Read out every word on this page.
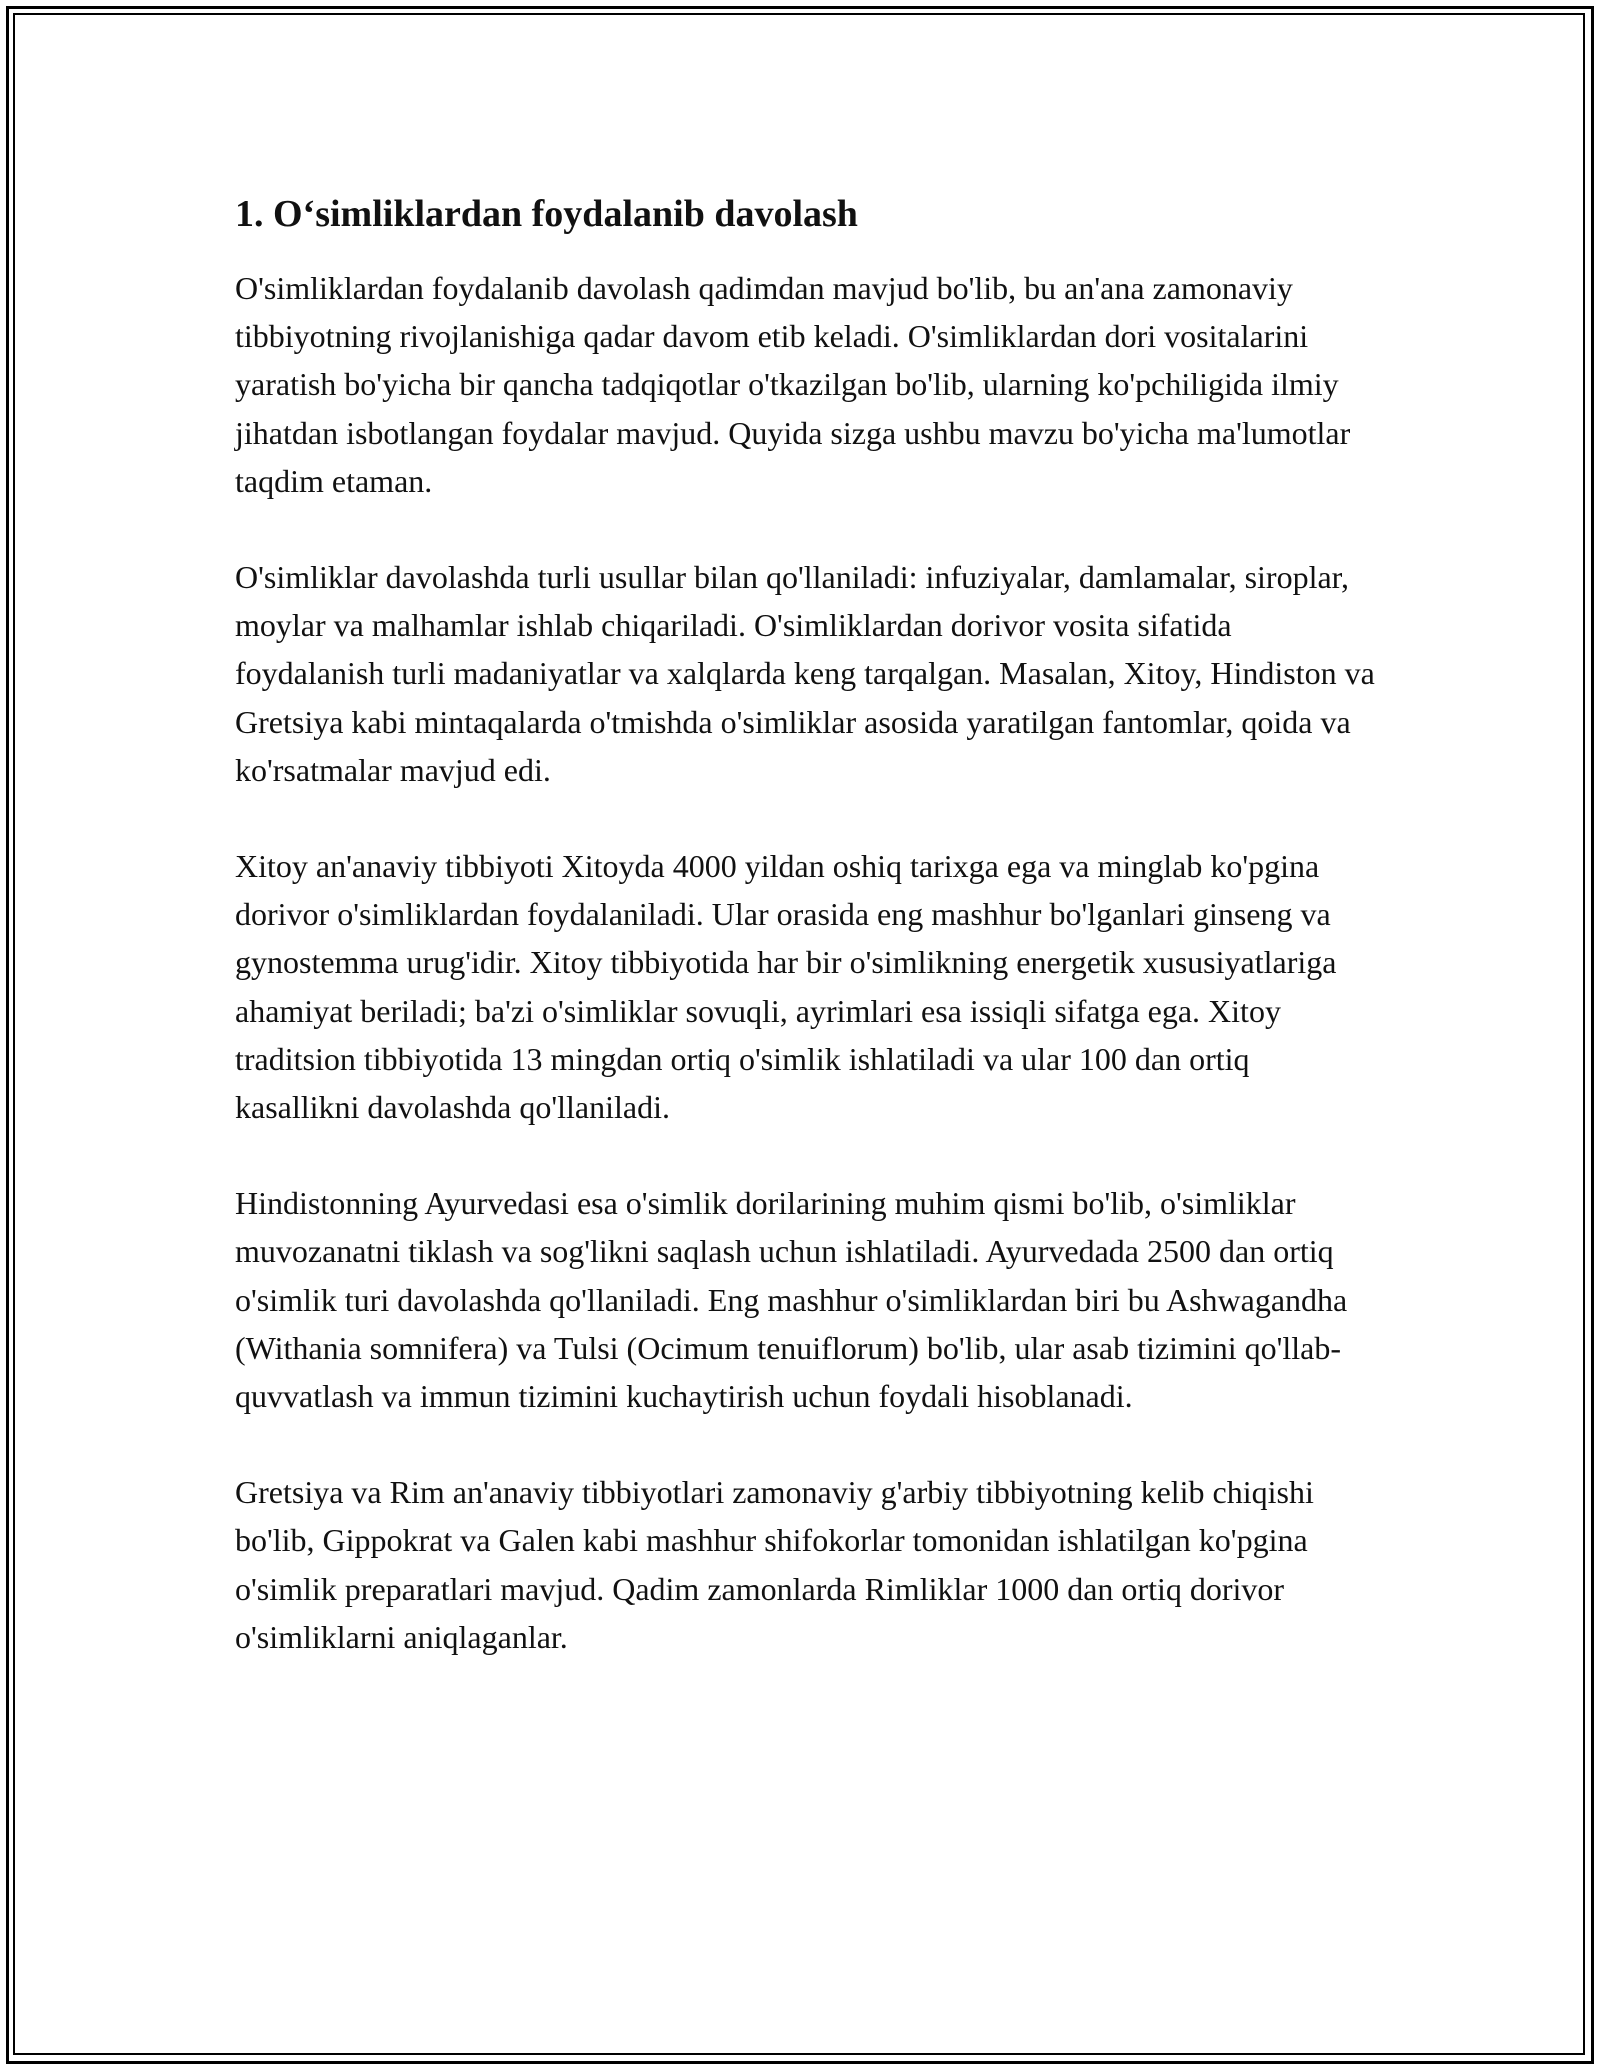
1. O‘simliklardan foydalanib davolash

O'simliklardan foydalanib davolash qadimdan mavjud bo'lib, bu an'ana zamonaviy tibbiyotning rivojlanishiga qadar davom etib keladi. O'simliklardan dori vositalarini yaratish bo'yicha bir qancha tadqiqotlar o'tkazilgan bo'lib, ularning ko'pchiligida ilmiy jihatdan isbotlangan foydalar mavjud. Quyida sizga ushbu mavzu bo'yicha ma'lumotlar taqdim etaman.

O'simliklar davolashda turli usullar bilan qo'llaniladi: infuziyalar, damlamalar, siroplar, moylar va malhamlar ishlab chiqariladi. O'simliklardan dorivor vosita sifatida foydalanish turli madaniyatlar va xalqlarda keng tarqalgan. Masalan, Xitoy, Hindiston va Gretsiya kabi mintaqalarda o'tmishda o'simliklar asosida yaratilgan fantomlar, qoida va ko'rsatmalar mavjud edi.

Xitoy an'anaviy tibbiyoti Xitoyda 4000 yildan oshiq tarixga ega va minglab ko'pgina dorivor o'simliklardan foydalaniladi. Ular orasida eng mashhur bo'lganlari ginseng va gynostemma urug'idir. Xitoy tibbiyotida har bir o'simlikning energetik xususiyatlariga ahamiyat beriladi; ba'zi o'simliklar sovuqli, ayrimlari esa issiqli sifatga ega. Xitoy traditsion tibbiyotida 13 mingdan ortiq o'simlik ishlatiladi va ular 100 dan ortiq kasallikni davolashda qo'llaniladi.

Hindistonning Ayurvedasi esa o'simlik dorilarining muhim qismi bo'lib, o'simliklar muvozanatni tiklash va sog'likni saqlash uchun ishlatiladi. Ayurvedada 2500 dan ortiq o'simlik turi davolashda qo'llaniladi. Eng mashhur o'simliklardan biri bu Ashwagandha (Withania somnifera) va Tulsi (Ocimum tenuiflorum) bo'lib, ular asab tizimini qo'llab-quvvatlash va immun tizimini kuchaytirish uchun foydali hisoblanadi.

Gretsiya va Rim an'anaviy tibbiyotlari zamonaviy g'arbiy tibbiyotning kelib chiqishi bo'lib, Gippokrat va Galen kabi mashhur shifokorlar tomonidan ishlatilgan ko'pgina o'simlik preparatlari mavjud. Qadim zamonlarda Rimliklar 1000 dan ortiq dorivor o'simliklarni aniqlaganlar.
